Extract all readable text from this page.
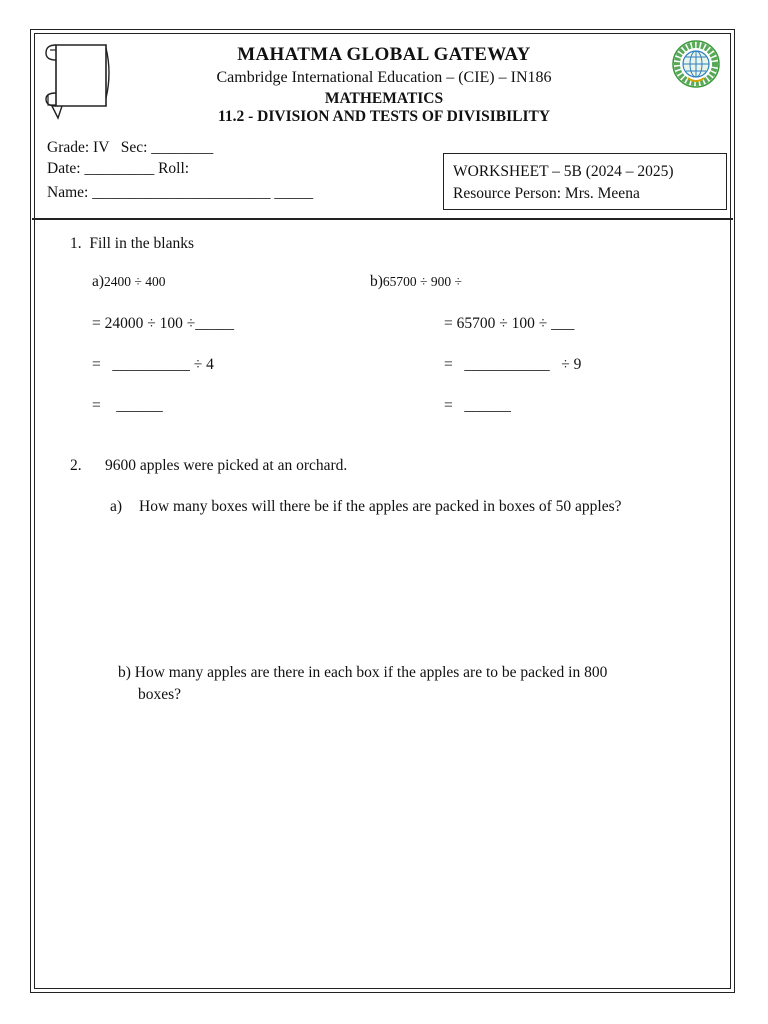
MAHATMA GLOBAL GATEWAY
Cambridge International Education – (CIE) – IN186
MATHEMATICS
11.2 - DIVISION AND TESTS OF DIVISIBILITY
Grade: IV   Sec: ________
Date: _________ Roll:
Name: _______________________ _____
WORKSHEET – 5B (2024 – 2025)
Resource Person: Mrs. Meena
1.  Fill in the blanks
a)2400 ÷ 400	b)65700 ÷ 900 ÷
= 24000 ÷ 100 ÷_____	= 65700 ÷ 100 ÷ ___
=   __________ ÷ 4	=   ___________   ÷ 9
=    ______	=   ______
2. 9600 apples were picked at an orchard.
a) How many boxes will there be if the apples are packed in boxes of 50 apples?
b) How many apples are there in each box if the apples are to be packed in 800
boxes?
